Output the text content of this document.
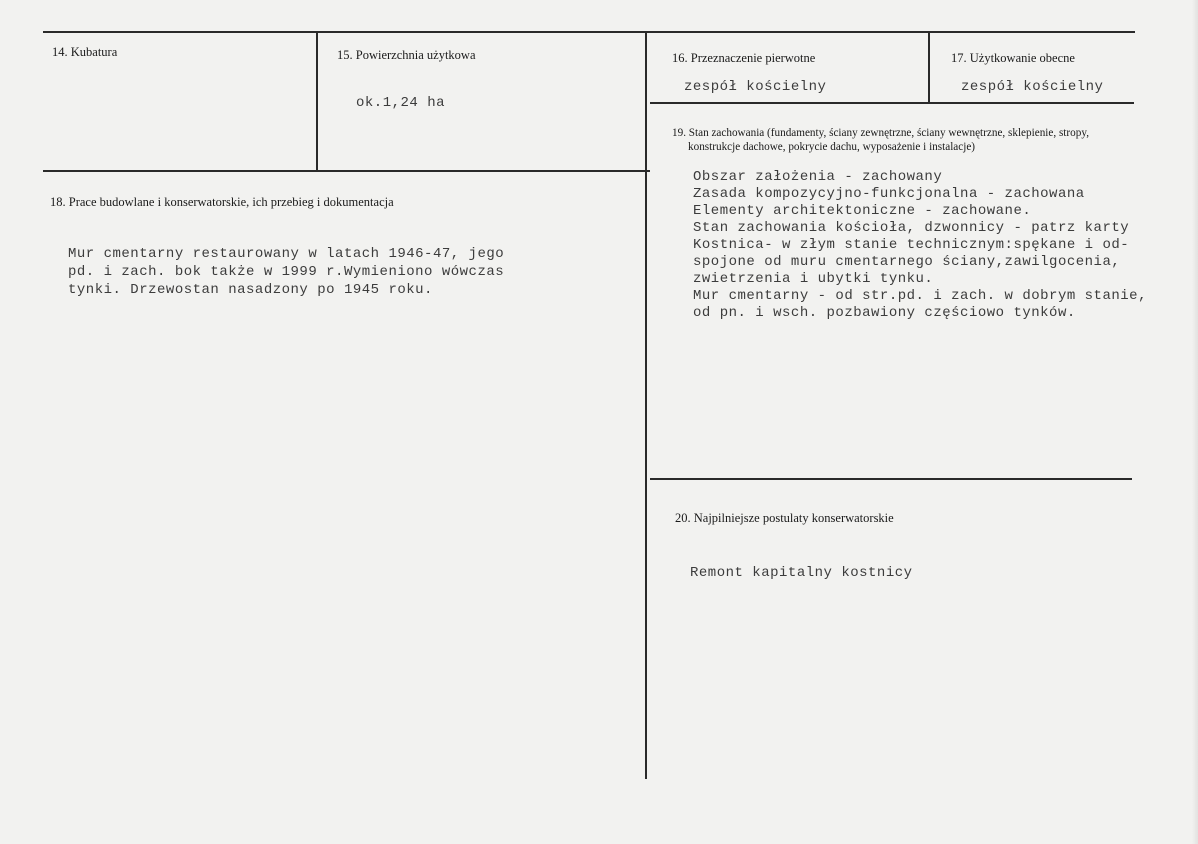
14. Kubatura	15. Powierzchnia użytkowa
ok.1,24 ha
16. Przeznaczenie pierwotne
zespół kościelny
17. Użytkowanie obecne
zespół kościelny
18. Prace budowlane i konserwatorskie, ich przebieg i dokumentacja
Mur cmentarny restaurowany w latach 1946-47, jego
pd. i zach. bok także w 1999 r.Wymieniono wówczas
tynki. Drzewostan nasadzony po 1945 roku.
19. Stan zachowania (fundamenty, ściany zewnętrzne, ściany wewnętrzne, sklepienie, stropy,
konstrukcje dachowe, pokrycie dachu, wyposażenie i instalacje)
Obszar założenia - zachowany
Zasada kompozycyjno-funkcjonalna - zachowana
Elementy architektoniczne - zachowane.
Stan zachowania kościoła, dzwonnicy - patrz karty
Kostnica- w złym stanie technicznym:spękane i od-
spojone od muru cmentarnego ściany,zawilgocenia,
zwietrzenia i ubytki tynku.
Mur cmentarny - od str.pd. i zach. w dobrym stanie,
od pn. i wsch. pozbawiony częściowo tynków.
20. Najpilniejsze postulaty konserwatorskie
Remont kapitalny kostnicy
